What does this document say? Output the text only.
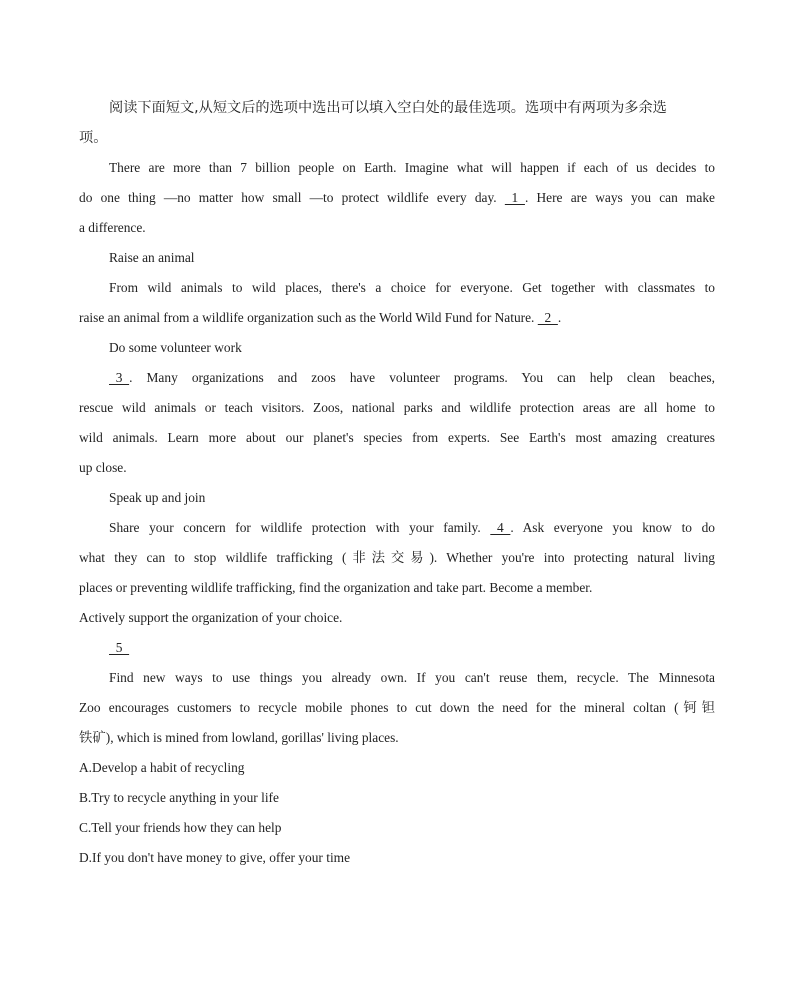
阅读下面短文,从短文后的选项中选出可以填入空白处的最佳选项。选项中有两项为多余选
项。
There are more than 7 billion people on Earth. Imagine what will happen if each of us decides to
do one thing —no matter how small —to protect wildlife every day.   1  . Here are ways you can make
a difference.
Raise an animal
From wild animals to wild places, there's a choice for everyone. Get together with classmates to
raise an animal from a wildlife organization such as the World Wild Fund for Nature.   2  .
Do some volunteer work
3  . Many organizations and zoos have volunteer programs. You can help clean beaches,
rescue wild animals or teach visitors. Zoos, national parks and wildlife protection areas are all home to
wild animals. Learn more about our planet's species from experts. See Earth's most amazing creatures
up close.
Speak up and join
Share your concern for wildlife protection with your family.   4  . Ask everyone you know to do
what they can to stop wildlife trafficking (非法交易). Whether you're into protecting natural living
places or preventing wildlife trafficking, find the organization and take part. Become a member.
Actively support the organization of your choice.
5
Find new ways to use things you already own. If you can't reuse them, recycle. The Minnesota
Zoo encourages customers to recycle mobile phones to cut down the need for the mineral coltan (钶钽
铁矿), which is mined from lowland, gorillas' living places.
A.Develop a habit of recycling
B.Try to recycle anything in your life
C.Tell your friends how they can help
D.If you don't have money to give, offer your time
